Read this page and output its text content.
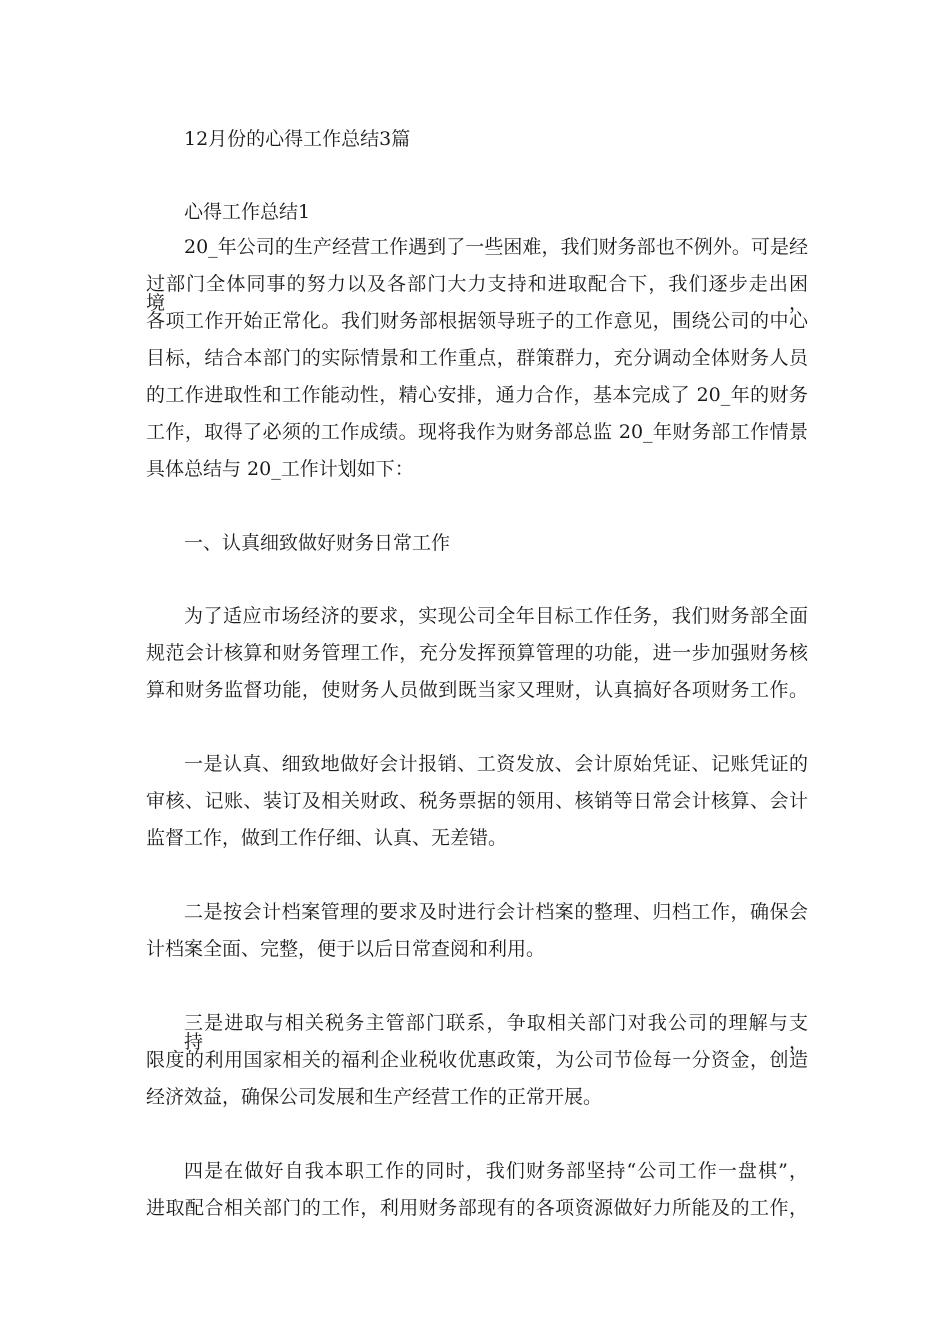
12月份的心得工作总结3篇
心得工作总结1
20_年公司的生产经营工作遇到了一些困难，我们财务部也不例外。可是经
过部门全体同事的努力以及各部门大力支持和进取配合下，我们逐步走出困境，
各项工作开始正常化。我们财务部根据领导班子的工作意见，围绕公司的中心
目标，结合本部门的实际情景和工作重点，群策群力，充分调动全体财务人员
的工作进取性和工作能动性，精心安排，通力合作，基本完成了 20_年的财务
工作，取得了必须的工作成绩。现将我作为财务部总监 20_年财务部工作情景
具体总结与 20_工作计划如下：
一、认真细致做好财务日常工作
为了适应市场经济的要求，实现公司全年目标工作任务，我们财务部全面
规范会计核算和财务管理工作，充分发挥预算管理的功能，进一步加强财务核
算和财务监督功能，使财务人员做到既当家又理财，认真搞好各项财务工作。
一是认真、细致地做好会计报销、工资发放、会计原始凭证、记账凭证的
审核、记账、装订及相关财政、税务票据的领用、核销等日常会计核算、会计
监督工作，做到工作仔细、认真、无差错。
二是按会计档案管理的要求及时进行会计档案的整理、归档工作，确保会
计档案全面、完整，便于以后日常查阅和利用。
三是进取与相关税务主管部门联系，争取相关部门对我公司的理解与支持，
限度的利用国家相关的福利企业税收优惠政策，为公司节俭每一分资金，创造
经济效益，确保公司发展和生产经营工作的正常开展。
四是在做好自我本职工作的同时，我们财务部坚持“公司工作一盘棋”，
进取配合相关部门的工作，利用财务部现有的各项资源做好力所能及的工作，
